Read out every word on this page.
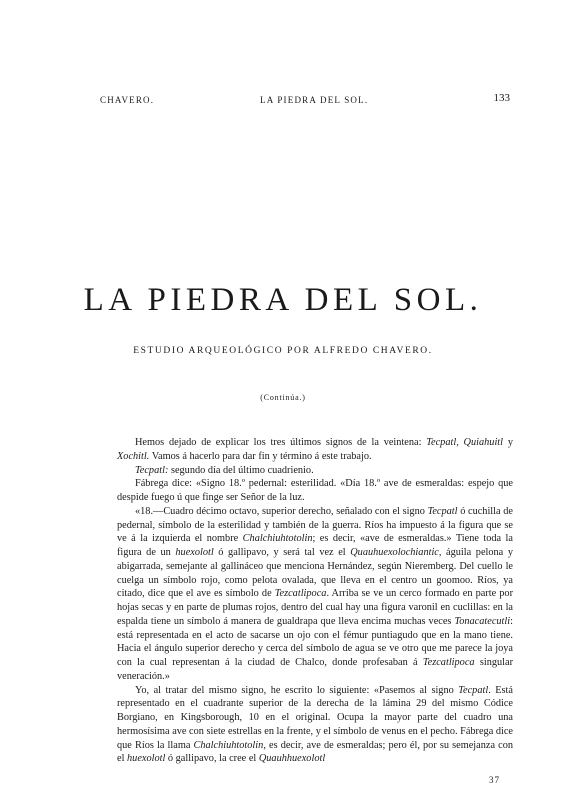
CHAVERO.	LA PIEDRA DEL SOL.	133
LA PIEDRA DEL SOL.
ESTUDIO ARQUEOLÓGICO POR ALFREDO CHAVERO.
(Continúa.)

Hemos dejado de explicar los tres últimos signos de la veintena: Tecpatl, Quiahuitl y Xochitl. Vamos á hacerlo para dar fin y término á este trabajo.

Tecpatl: segundo día del último cuadrienio.

Fábrega dice: «Signo 18.º pedernal: esterilidad. «Día 18.º ave de esmeraldas: espejo que despide fuego ú que finge ser Señor de la luz.

«18.—Cuadro décimo octavo, superior derecho, señalado con el signo Tecpatl ó cuchilla de pedernal, símbolo de la esterilidad y también de la guerra. Ríos ha impuesto á la figura que se ve á la izquierda el nombre Chalchiuhtotolin; es decir, «ave de esmeraldas.» Tiene toda la figura de un huexolotl ó gallipavo, y será tal vez el Quauhuexolochiantic, águila pelona y abigarrada, semejante al gallináceo que menciona Hernández, según Nieremberg. Del cuello le cuelga un símbolo rojo, como pelota ovalada, que lleva en el centro un goomoo. Ríos, ya citado, dice que el ave es símbolo de Tezcatlipoca. Arriba se ve un cerco formado en parte por hojas secas y en parte de plumas rojos, dentro del cual hay una figura varonil en cuclillas: en la espalda tiene un símbolo á manera de gualdrapa que lleva encima muchas veces Tonacatecutli: está representada en el acto de sacarse un ojo con el fémur puntiagudo que en la mano tiene. Hacia el ángulo superior derecho y cerca del símbolo de agua se ve otro que me parece la joya con la cual representan á la ciudad de Chalco, donde profesaban á Tezcatlipoca singular veneración.»

Yo, al tratar del mismo signo, he escrito lo siguiente: «Pasemos al signo Tecpatl. Está representado en el cuadrante superior de la derecha de la lámina 29 del mismo Códice Borgiano, en Kingsborough, 10 en el original. Ocupa la mayor parte del cuadro una hermosísima ave con siete estrellas en la frente, y el símbolo de venus en el pecho. Fábrega dice que Ríos la llama Chalchiuhtotolin, es decir, ave de esmeraldas; pero él, por su semejanza con el huexolotl ó gallipavo, la cree el Quauhhuexolotl

37
